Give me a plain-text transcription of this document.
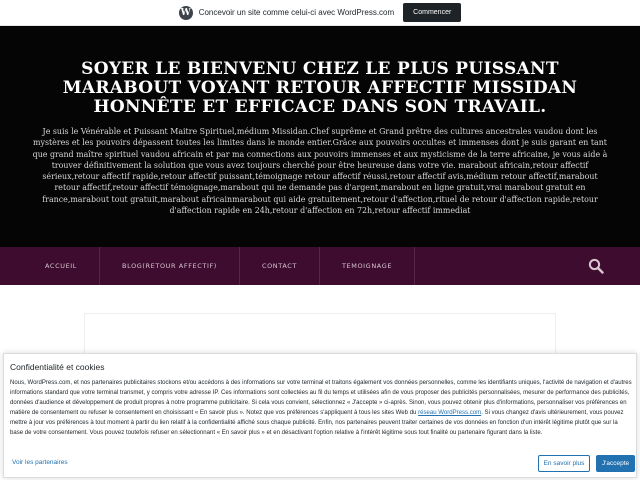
W Concevoir un site comme celui-ci avec WordPress.com	Commencer
SOYER LE BIENVENU CHEZ LE PLUS PUISSANT MARABOUT VOYANT RETOUR AFFECTIF MISSIDAN HONNÊTE ET EFFICACE DANS SON TRAVAIL.

Je suis le Vénérable et Puissant Maitre Spirituel,médium Missidan.Chef suprême et Grand prêtre des cultures ancestrales vaudou dont les mystères et les pouvoirs dépassent toutes les limites dans le monde entier.Grâce aux pouvoirs occultes et immenses dont je suis garant en tant que grand maître spirituel vaudou africain et par ma connections aux pouvoirs immenses et aux mysticisme de la terre africaine, je vous aide à trouver définitivement la solution que vous avez toujours cherché pour être heureuse dans votre vie. marabout africain,retour affectif sérieux,retour affectif rapide,retour affectif puissant,témoignage retour affectif réussi,retour affectif avis,médium retour affectif,marabout retour affectif,retour affectif témoignage,marabout qui ne demande pas d'argent,marabout en ligne gratuit,vrai marabout gratuit en france,marabout tout gratuit,marabout africainmarabout qui aide gratuitement,retour d'affection,rituel de retour d'affection rapide,retour d'affection rapide en 24h,retour d'affection en 72h,retour affectif immediat

ACCUEIL	BLOG(RETOUR AFFECTIF)	CONTACT	TEMOIGNAGE
Confidentialité et cookies
Nous, WordPress.com, et nos partenaires publicitaires stockons et/ou accédons à des informations sur votre terminal et traitons également vos données personnelles, comme les identifiants uniques, l'activité de navigation et d'autres informations standard que votre terminal transmet, y compris votre adresse IP. Ces informations sont collectées au fil du temps et utilisées afin de vous proposer des publicités personnalisées, mesurer de performance des publicités, données d'audience et développement de produit propres à notre programme publicitaire. Si cela vous convient, sélectionnez « J'accepte » ci-après. Sinon, vous pouvez obtenir plus d'informations, personnaliser vos préférences en matière de consentement ou refuser le consentement en choisissant « En savoir plus ». Notez que vos préférences s'appliquent à tous les sites Web du réseau WordPress.com. Si vous changez d'avis ultérieurement, vous pouvez mettre à jour vos préférences à tout moment à partir du lien relatif à la confidentialité affiché sous chaque publicité. Enfin, nos partenaires peuvent traiter certaines de vos données en fonction d'un intérêt légitime plutôt que sur la base de votre consentement. Vous pouvez toutefois refuser en sélectionnant « En savoir plus » et en désactivant l'option relative à l'intérêt légitime sous tout finalité ou partenaire figurant dans la liste.
Voir les partenaires	En savoir plus	J'accepte
